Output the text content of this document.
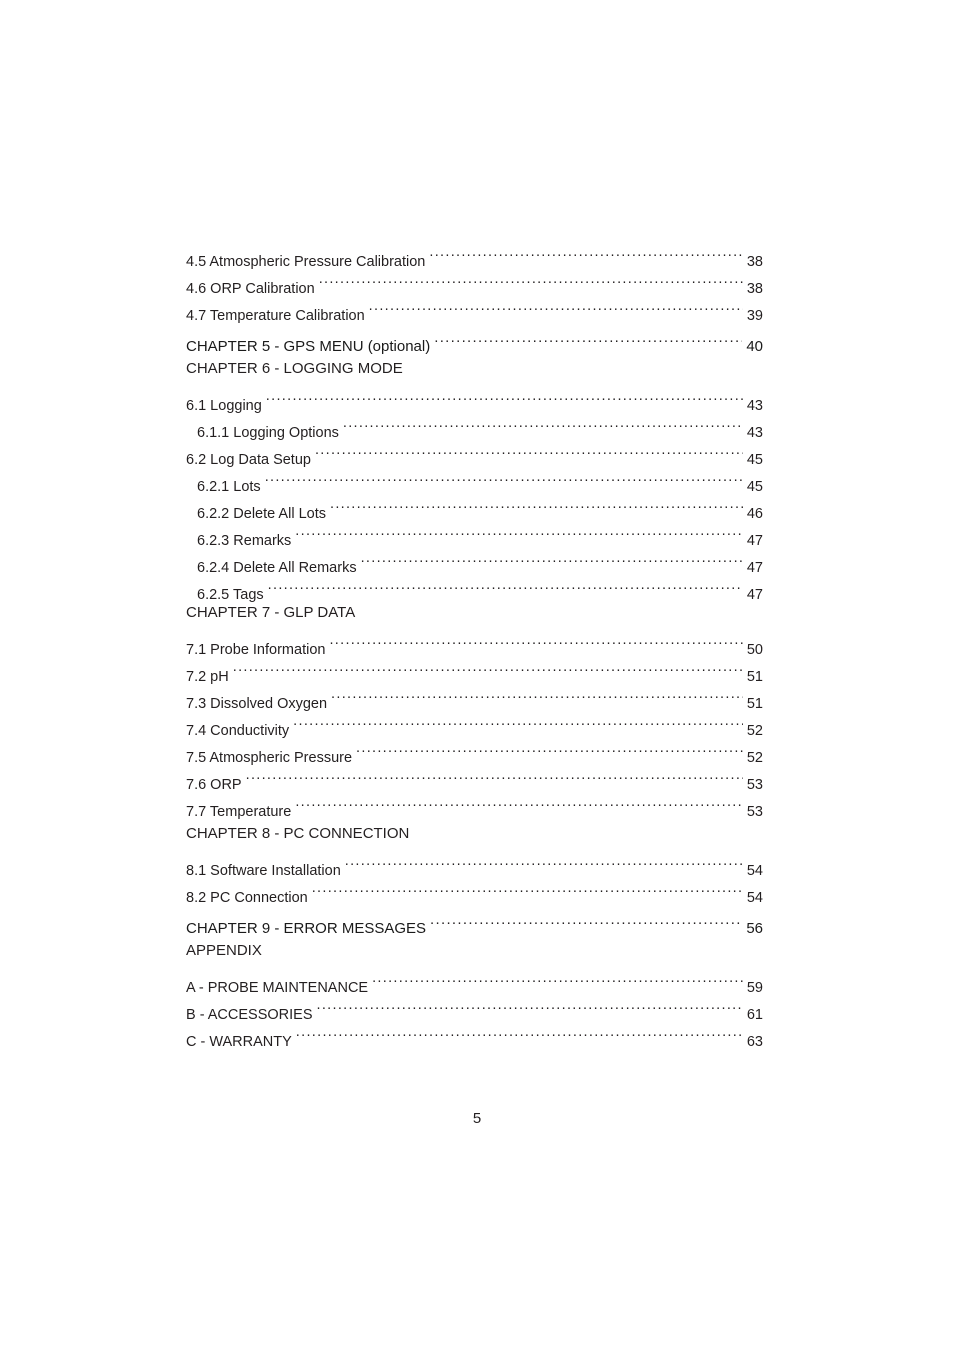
4.5 Atmospheric Pressure Calibration .....	38
4.6 ORP Calibration .....	38
4.7 Temperature Calibration .....	39
CHAPTER 5 - GPS MENU (optional) .....	40
CHAPTER 6 - LOGGING MODE
6.1 Logging .....	43
6.1.1 Logging Options .....	43
6.2 Log Data Setup .....	45
6.2.1 Lots .....	45
6.2.2 Delete All Lots .....	46
6.2.3 Remarks .....	47
6.2.4 Delete All Remarks .....	47
6.2.5 Tags .....	47
CHAPTER 7 - GLP DATA
7.1 Probe Information .....	50
7.2 pH .....	51
7.3 Dissolved Oxygen .....	51
7.4 Conductivity .....	52
7.5 Atmospheric Pressure .....	52
7.6 ORP .....	53
7.7 Temperature .....	53
CHAPTER 8 - PC CONNECTION
8.1 Software Installation .....	54
8.2 PC Connection .....	54
CHAPTER 9 - ERROR MESSAGES .....	56
APPENDIX
A - PROBE MAINTENANCE .....	59
B - ACCESSORIES .....	61
C - WARRANTY .....	63
5
